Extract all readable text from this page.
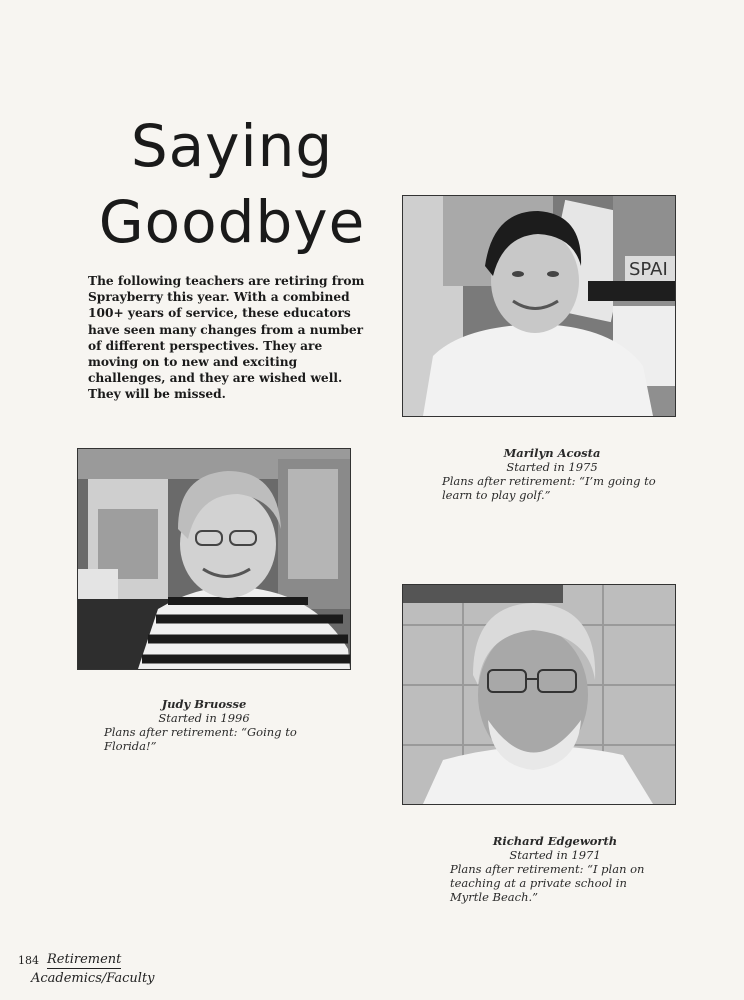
Saying
Goodbye
The following teachers are retiring from Sprayberry this year. With a combined 100+ years of service, these educators have seen many changes from a number of different perspectives. They are moving on to new and exciting challenges, and they are wished well. They will be missed.
SPAI
Marilyn Acosta
Started in 1975
Plans after retirement: “I’m going to learn to play golf.”
Judy Bruosse
Started in 1996
Plans after retirement: “Going to Florida!”
Richard Edgeworth
Started in 1971
Plans after retirement: “I plan on teaching at a private school in Myrtle Beach.”
184 Retirement
Academics/Faculty
